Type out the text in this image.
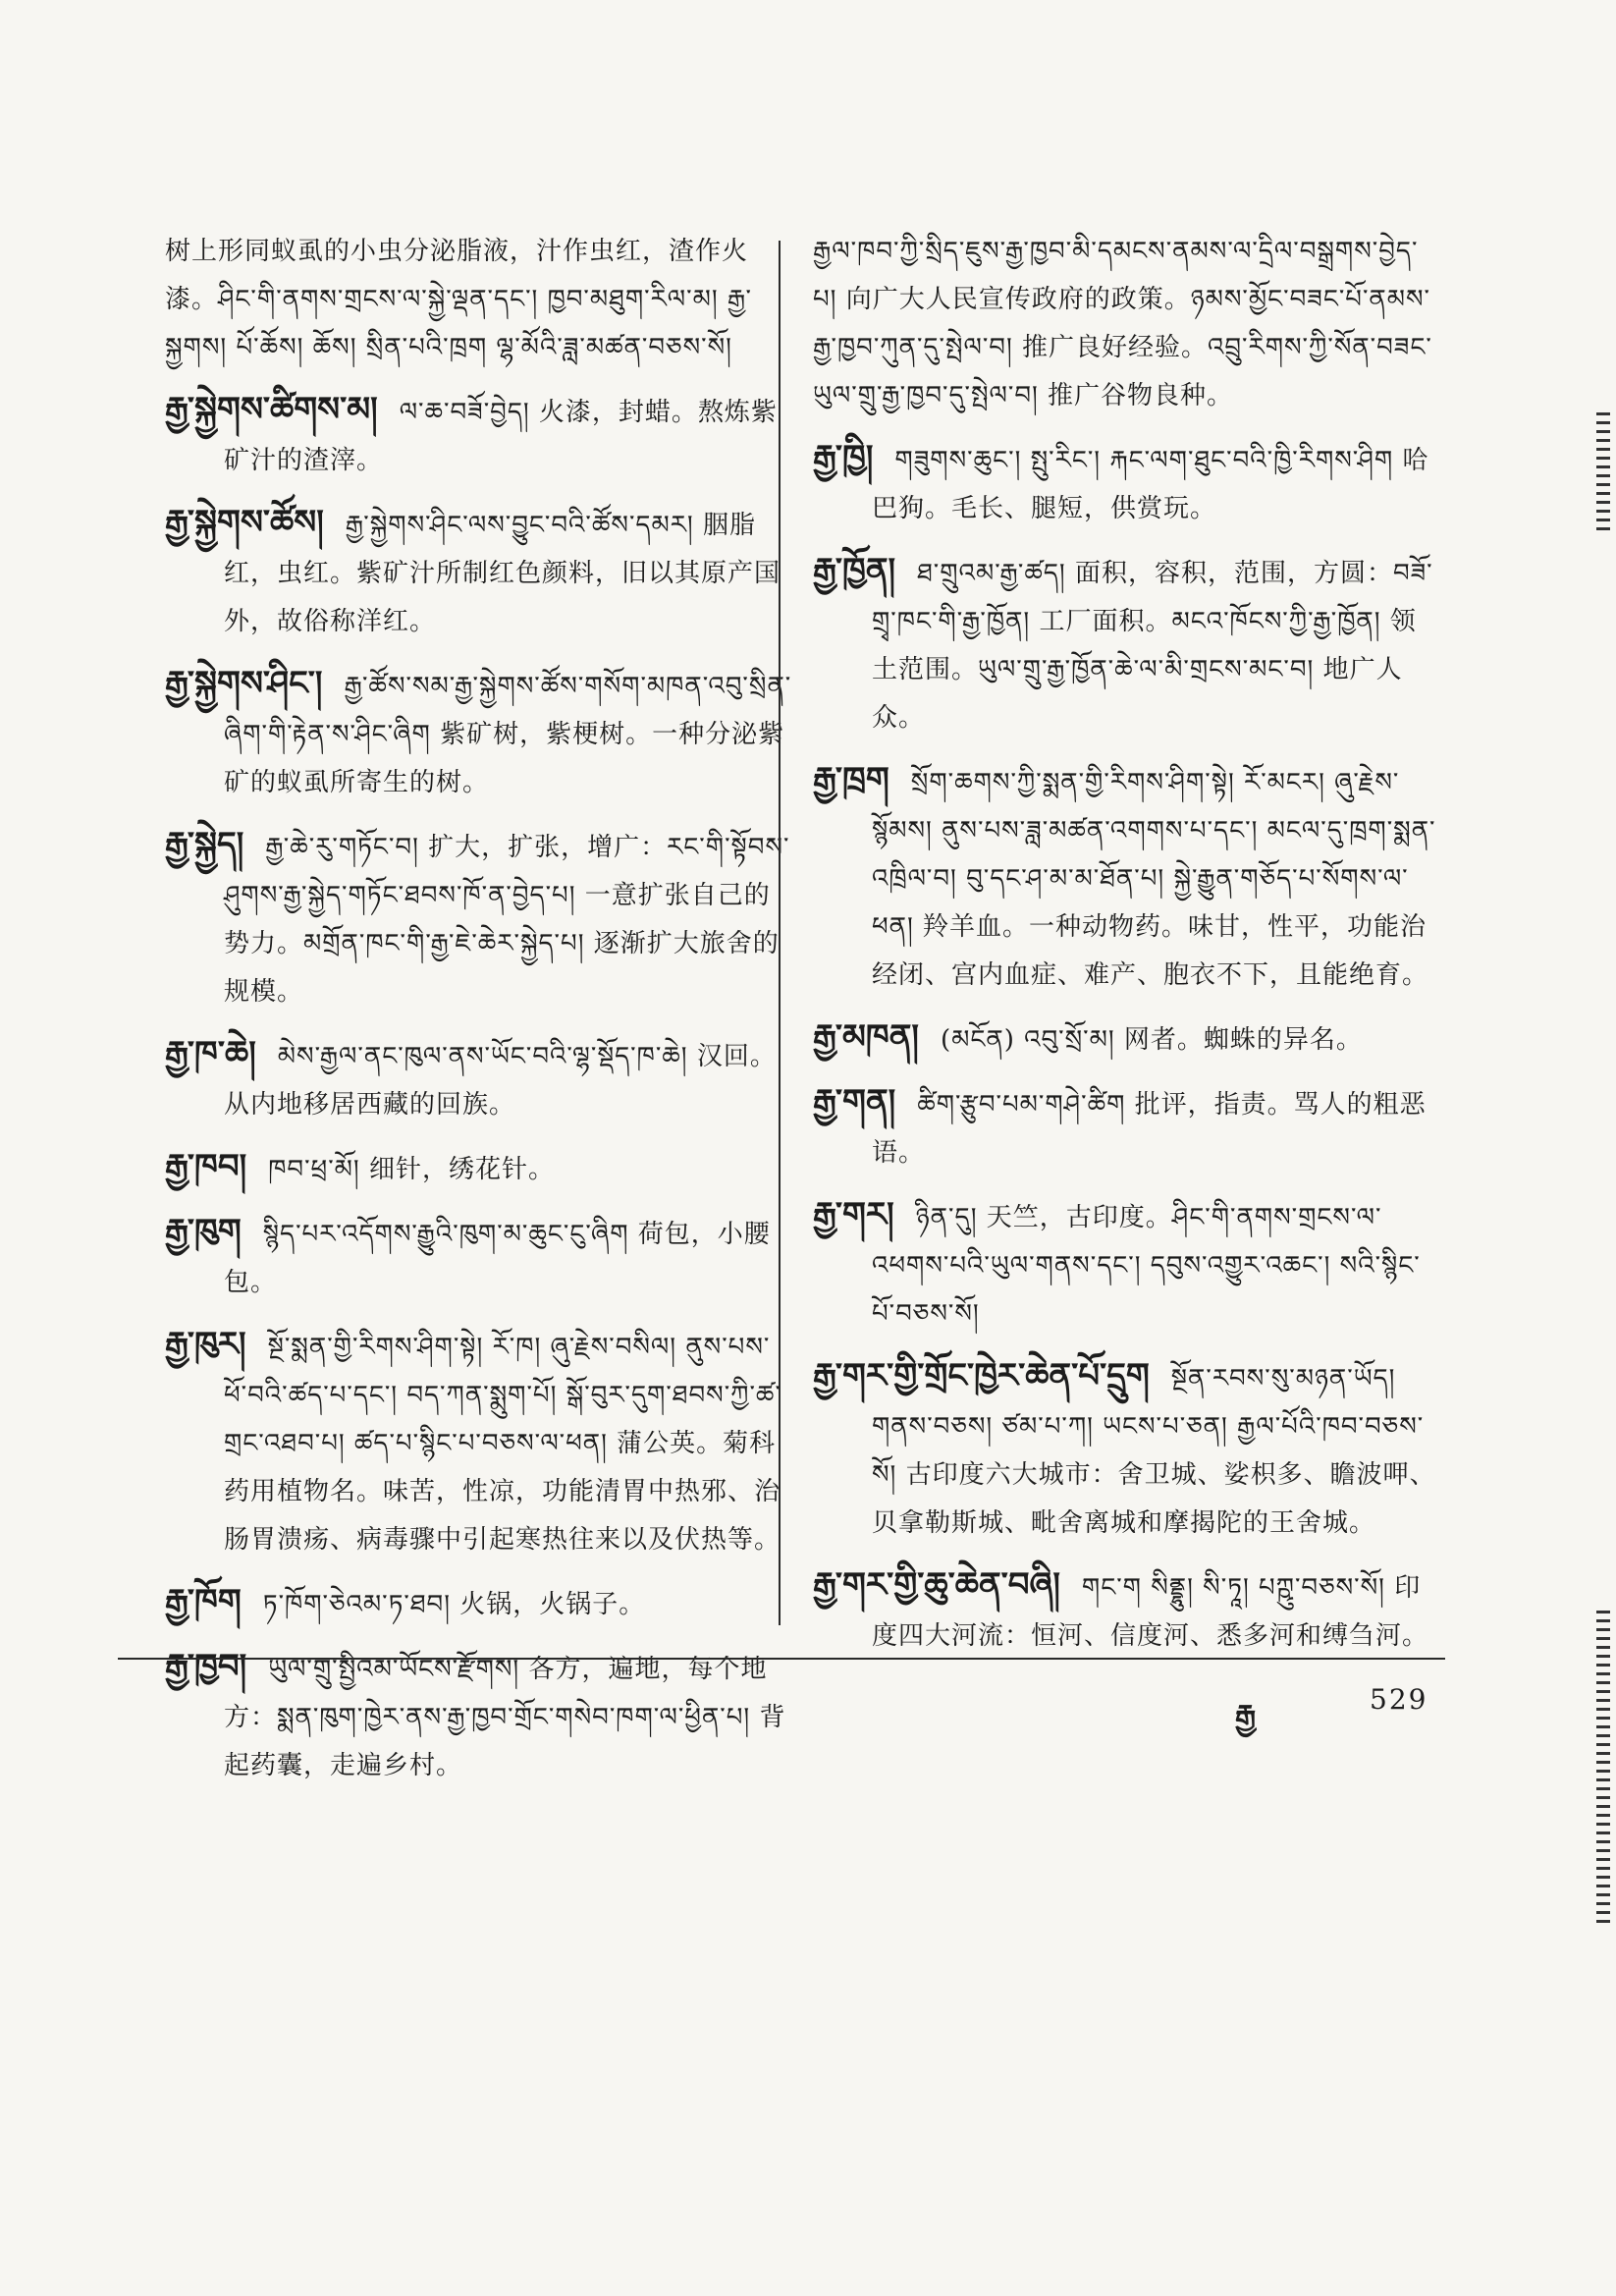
树上形同蚁虱的小虫分泌脂液，汁作虫红，渣作火漆。ཤིང་གི་ནགས་གྲངས་ལ་སྐྱེ་ལྡན་དང་། ཁྱབ་མཐུག་རིལ་མ། རྒྱ་སྐྱགས། པོ་ཆོས། ཆོས། སྲིན་པའི་ཁྲག ལྷ་མོའི་ཟླ་མཚན་བཅས་སོ།
རྒྱ་སྐྱེགས་ཚིགས་མ། ལ་ཆ་བཟོ་བྱེད། 火漆，封蜡。熬炼紫矿汁的渣滓。
རྒྱ་སྐྱེགས་ཚོས། རྒྱ་སྐྱེགས་ཤིང་ལས་བྱུང་བའི་ཚོས་དམར། 胭脂红，虫红。紫矿汁所制红色颜料，旧以其原产国外，故俗称洋红。
རྒྱ་སྐྱེགས་ཤིང་། རྒྱ་ཚོས་སམ་རྒྱ་སྐྱེགས་ཚོས་གསོག་མཁན་འབུ་སྲིན་ཞིག་གི་རྟེན་ས་ཤིང་ཞིག 紫矿树，紫梗树。一种分泌紫矿的蚁虱所寄生的树。
རྒྱ་སྐྱེད། རྒྱ་ཆེ་རུ་གཏོང་བ། 扩大，扩张，增广：རང་གི་སྟོབས་ཤུགས་རྒྱ་སྐྱེད་གཏོང་ཐབས་ཁོ་ན་བྱེད་པ། 一意扩张自己的势力。མགྲོན་ཁང་གི་རྒྱ་ཇེ་ཆེར་སྐྱེད་པ། 逐渐扩大旅舍的规模。
རྒྱ་ཁ་ཆེ། མེས་རྒྱལ་ནང་ཁུལ་ནས་ཡོང་བའི་ལྷ་སྡོད་ཁ་ཆེ། 汉回。从内地移居西藏的回族。
རྒྱ་ཁབ། ཁབ་ཕྲ་མོ། 细针，绣花针。
རྒྱ་ཁུག སྙིད་པར་འདོགས་རྒྱུའི་ཁུག་མ་ཆུང་ངུ་ཞིག 荷包，小腰包。
རྒྱ་ཁུར། སྔོ་སྨན་གྱི་རིགས་ཤིག་སྟེ། རོ་ཁ། ཞུ་རྗེས་བསིལ། ནུས་པས་ཕོ་བའི་ཚད་པ་དང་། བད་ཀན་སྨུག་པོ། སྒོ་བུར་དུག་ཐབས་ཀྱི་ཚ་གྲང་འཐབ་པ། ཚད་པ་སྙིང་པ་བཅས་ལ་ཕན། 蒲公英。菊科药用植物名。味苦，性凉，功能清胃中热邪、治肠胃溃疡、病毒骤中引起寒热往来以及伏热等。
རྒྱ་ཁོག ཏ་ཁོག་ཅེའམ་ཏ་ཐབ། 火锅，火锅子。
རྒྱ་ཁྱབ། ཡུལ་གྲུ་སྤྱིའམ་ཡོངས་རྫོགས། 各方，遍地，每个地方：སྨན་ཁུག་ཁྱེར་ནས་རྒྱ་ཁྱབ་གྲོང་གསེབ་ཁག་ལ་ཕྱིན་པ། 背起药囊，走遍乡村。
རྒྱལ་ཁབ་ཀྱི་སྲིད་ཇུས་རྒྱ་ཁྱབ་མི་དམངས་ནམས་ལ་དྲིལ་བསྒྲགས་བྱེད་པ། 向广大人民宣传政府的政策。ཉམས་མྱོང་བཟང་པོ་ནམས་རྒྱ་ཁྱབ་ཀུན་དུ་སྤེལ་བ། 推广良好经验。འབྲུ་རིགས་ཀྱི་སོན་བཟང་ཡུལ་གྲུ་རྒྱ་ཁྱབ་དུ་སྤེལ་བ། 推广谷物良种。
རྒྱ་ཁྱི། གཟུགས་ཆུང་། སྤུ་རིང་། རྐང་ལག་ཐུང་བའི་ཁྱི་རིགས་ཤིག 哈巴狗。毛长、腿短，供赏玩。
རྒྱ་ཁྱོན། ཐ་གྲུའམ་རྒྱ་ཚད། 面积，容积，范围，方圆：བཟོ་གྲྭ་ཁང་གི་རྒྱ་ཁྱོན། 工厂面积。མངའ་ཁོངས་ཀྱི་རྒྱ་ཁྱོན། 领土范围。ཡུལ་གྲུ་རྒྱ་ཁྱོན་ཆེ་ལ་མི་གྲངས་མང་བ། 地广人众。
རྒྱ་ཁྲག སྲོག་ཆགས་ཀྱི་སྨན་གྱི་རིགས་ཤིག་སྟེ། རོ་མངར། ཞུ་རྗེས་སྙོམས། ནུས་པས་ཟླ་མཚན་འགགས་པ་དང་། མངལ་དུ་ཁྲག་སྨན་འཁྲིལ་བ། བུ་དང་ཤ་མ་མ་ཐོན་པ། སྐྱེ་རྒྱུན་གཅོད་པ་སོགས་ལ་ཕན། 羚羊血。一种动物药。味甘，性平，功能治经闭、宫内血症、难产、胞衣不下，且能绝育。
རྒྱ་མཁན། (མངོན) འབུ་སྲོ་མ། 网者。蜘蛛的异名。
རྒྱ་གན། ཚིག་རྩུབ་པམ་གཤེ་ཚིག 批评，指责。骂人的粗恶语。
རྒྱ་གར། ཉིན་དུ། 天竺，古印度。ཤིང་གི་ནགས་གྲངས་ལ་འཕགས་པའི་ཡུལ་གནས་དང་། དབུས་འགྱུར་འཆང་། སའི་སྙིང་པོ་བཅས་སོ།
རྒྱ་གར་གྱི་གྲོང་ཁྱེར་ཆེན་པོ་དྲུག སྔོན་རབས་སུ་མཉན་ཡོད། གནས་བཅས། ཙམ་པ་ཀ། ཡངས་པ་ཅན། རྒྱལ་པོའི་ཁབ་བཅས་སོ། 古印度六大城市：舍卫城、娑枳多、瞻波呷、贝拿勒斯城、毗舍离城和摩揭陀的王舍城。
རྒྱ་གར་གྱི་ཆུ་ཆེན་བཞི། གང་ག སིནྡྷུ། སི་ཏཱ། པཀྵུ་བཅས་སོ། 印度四大河流：恒河、信度河、悉多河和缚刍河。
རྒྱ	529
